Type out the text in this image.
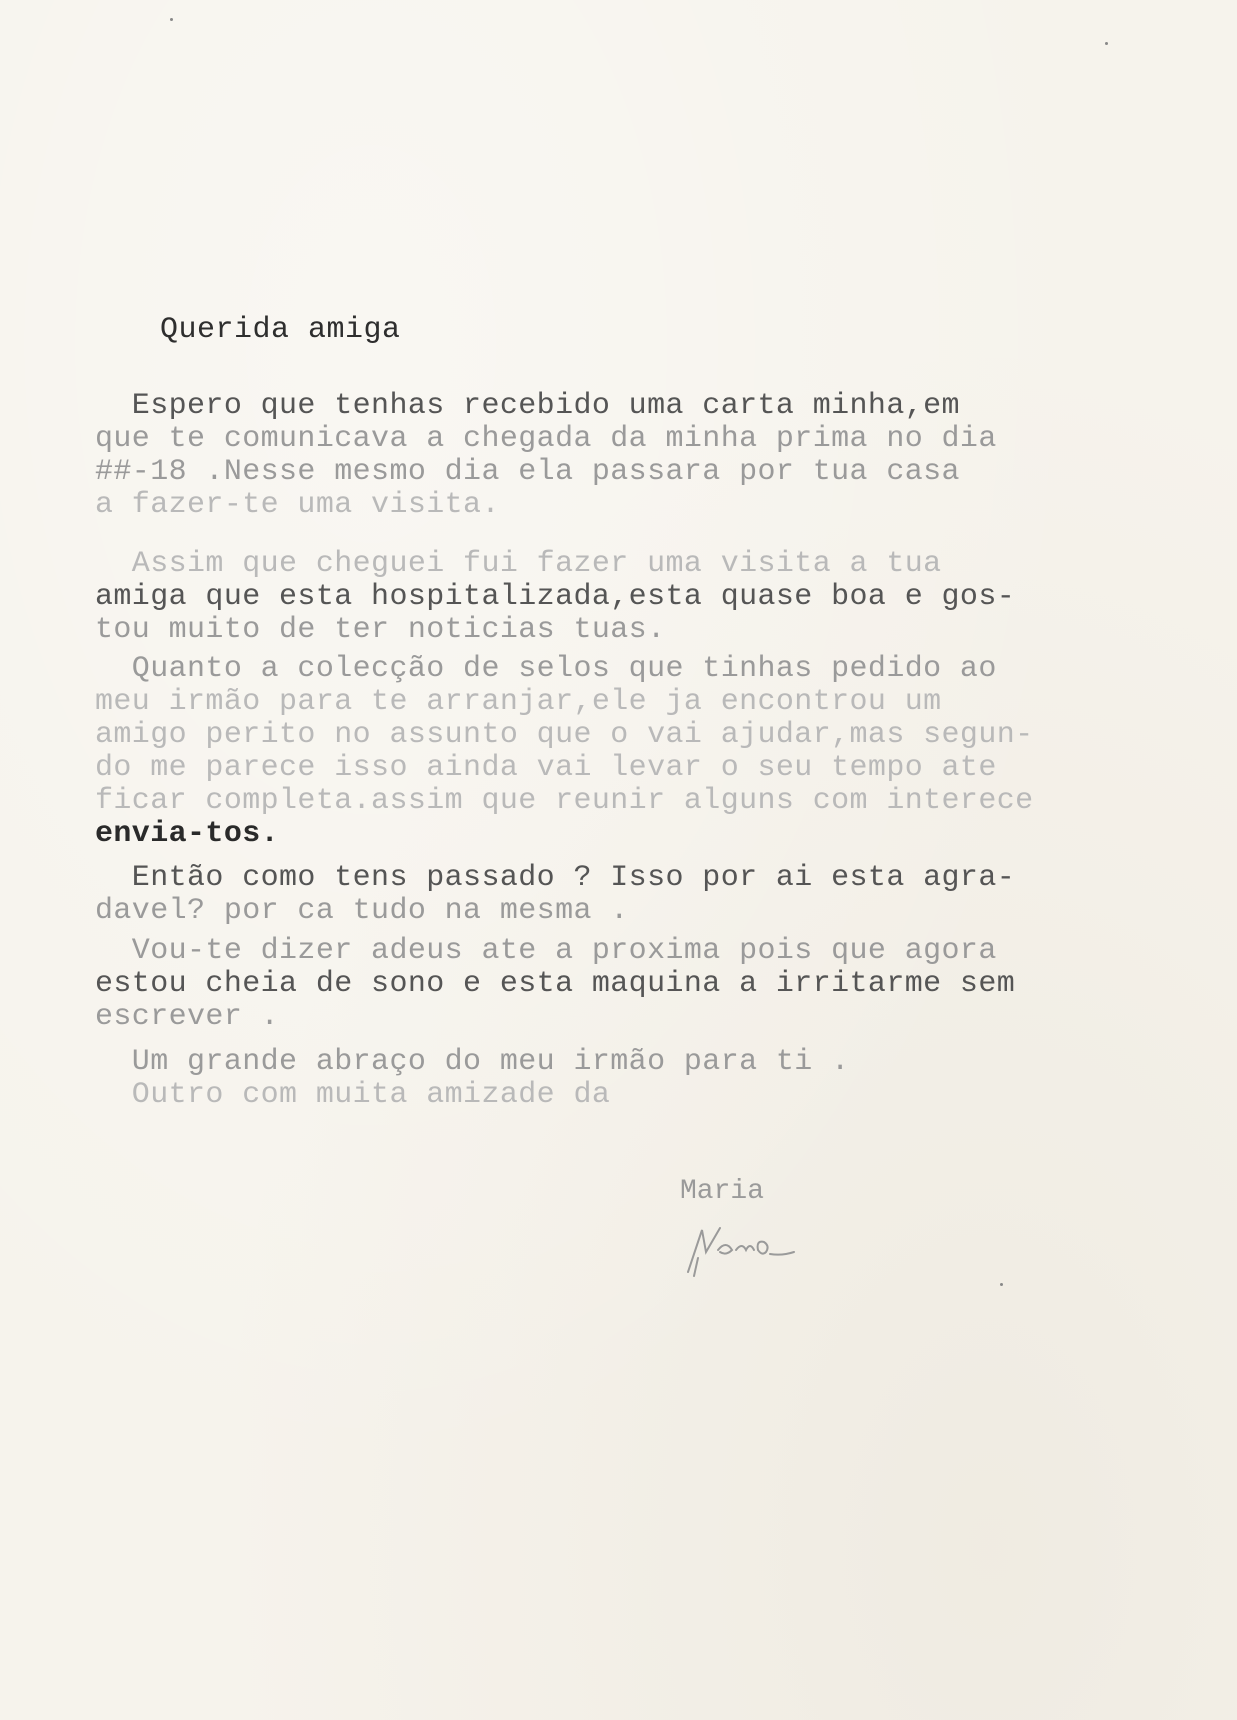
Querida amiga
Espero que tenhas recebido uma carta minha,em
que te comunicava a chegada da minha prima no dia
##-18 .Nesse mesmo dia ela passara por tua casa
a fazer-te uma visita.
Assim que cheguei fui fazer uma visita a tua
amiga que esta hospitalizada,esta quase boa e gos-
tou muito de ter noticias tuas.
Quanto a colecção de selos que tinhas pedido ao
meu irmão para te arranjar,ele ja encontrou um
amigo perito no assunto que o vai ajudar,mas segun-
do me parece isso ainda vai levar o seu tempo ate
ficar completa.assim que reunir alguns com interece
envia-tos.
Então como tens passado ? Isso por ai esta agra-
davel? por ca tudo na mesma .
Vou-te dizer adeus ate a proxima pois que agora
estou cheia de sono e esta maquina a irritarme sem
escrever .
Um grande abraço do meu irmão para ti .
Outro com muita amizade da
Maria
